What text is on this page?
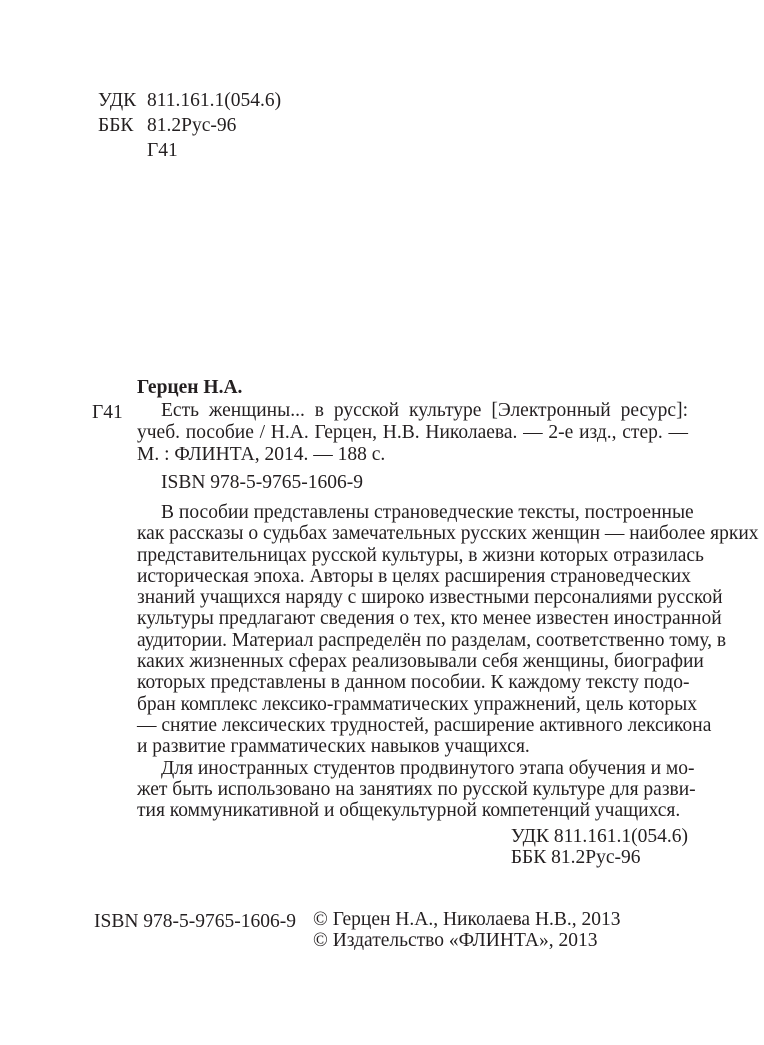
УДК 811.161.1(054.6)
ББК 81.2Рус-96
Г41
Герцен Н.А.
Г41	Есть женщины... в русской культуре [Электронный ресурс]:
учеб. пособие / Н.А. Герцен, Н.В. Николаева. — 2-е изд., стер. —
М. : ФЛИНТА, 2014. — 188 с.
ISBN 978-5-9765-1606-9
В пособии представлены страноведческие тексты, построенные
как рассказы о судьбах замечательных русских женщин — наиболее ярких
представительницах русской культуры, в жизни которых отразилась
историческая эпоха. Авторы в целях расширения страноведческих
знаний учащихся наряду с широко известными персоналиями русской
культуры предлагают сведения о тех, кто менее известен иностранной
аудитории. Материал распределён по разделам, соответственно тому, в
каких жизненных сферах реализовывали себя женщины, биографии
которых представлены в данном пособии. К каждому тексту подо-
бран комплекс лексико-грамматических упражнений, цель которых
— снятие лексических трудностей, расширение активного лексикона
и развитие грамматических навыков учащихся.
Для иностранных студентов продвинутого этапа обучения и мо-
жет быть использовано на занятиях по русской культуре для разви-
тия коммуникативной и общекультурной компетенций учащихся.
УДК 811.161.1(054.6)
ББК 81.2Рус-96
ISBN 978-5-9765-1606-9 © Герцен Н.А., Николаева Н.В., 2013
© Издательство «ФЛИНТА», 2013
